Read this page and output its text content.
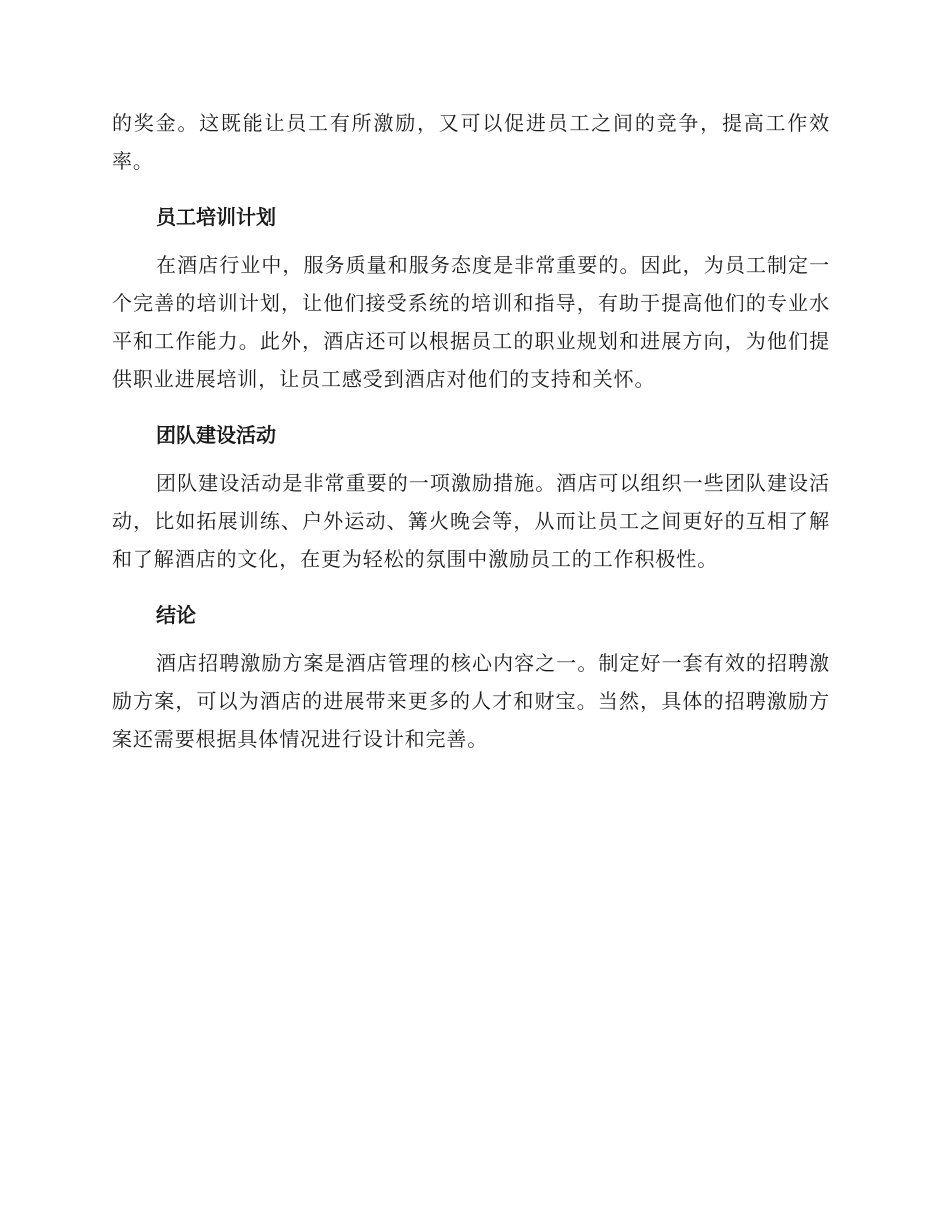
的奖金。这既能让员工有所激励，又可以促进员工之间的竞争，提高工作效率。

员工培训计划

在酒店行业中，服务质量和服务态度是非常重要的。因此，为员工制定一个完善的培训计划，让他们接受系统的培训和指导，有助于提高他们的专业水平和工作能力。此外，酒店还可以根据员工的职业规划和进展方向，为他们提供职业进展培训，让员工感受到酒店对他们的支持和关怀。

团队建设活动

团队建设活动是非常重要的一项激励措施。酒店可以组织一些团队建设活动，比如拓展训练、户外运动、篝火晚会等，从而让员工之间更好的互相了解和了解酒店的文化，在更为轻松的氛围中激励员工的工作积极性。

结论

酒店招聘激励方案是酒店管理的核心内容之一。制定好一套有效的招聘激励方案，可以为酒店的进展带来更多的人才和财宝。当然，具体的招聘激励方案还需要根据具体情况进行设计和完善。
